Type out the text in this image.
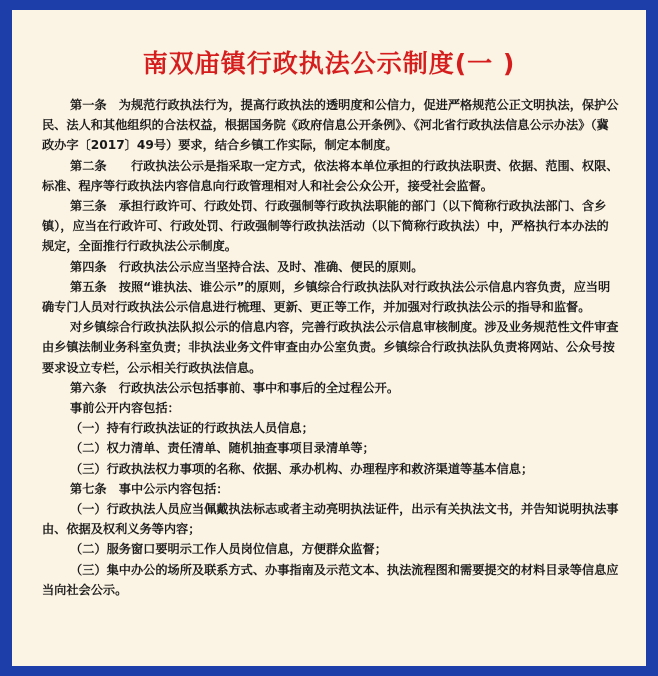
南双庙镇行政执法公示制度(一 )

第一条　为规范行政执法行为，提高行政执法的透明度和公信力，促进严格规范公正文明执法，保护公民、法人和其他组织的合法权益，根据国务院《政府信息公开条例》、《河北省行政执法信息公示办法》（冀政办字〔2017〕49号）要求，结合乡镇工作实际，制定本制度。

第二条　　行政执法公示是指采取一定方式，依法将本单位承担的行政执法职责、依据、范围、权限、标准、程序等行政执法内容信息向行政管理相对人和社会公众公开，接受社会监督。

第三条　承担行政许可、行政处罚、行政强制等行政执法职能的部门（以下简称行政执法部门、含乡镇），应当在行政许可、行政处罚、行政强制等行政执法活动（以下简称行政执法）中，严格执行本办法的规定，全面推行行政执法公示制度。

第四条　行政执法公示应当坚持合法、及时、准确、便民的原则。

第五条　按照“谁执法、谁公示”的原则，乡镇综合行政执法队对行政执法公示信息内容负责，应当明确专门人员对行政执法公示信息进行梳理、更新、更正等工作，并加强对行政执法公示的指导和监督。

对乡镇综合行政执法队拟公示的信息内容，完善行政执法公示信息审核制度。涉及业务规范性文件审查由乡镇法制业务科室负责；非执法业务文件审查由办公室负责。乡镇综合行政执法队负责将网站、公众号按要求设立专栏，公示相关行政执法信息。

第六条　行政执法公示包括事前、事中和事后的全过程公开。

事前公开内容包括：

（一）持有行政执法证的行政执法人员信息；

（二）权力清单、责任清单、随机抽查事项目录清单等；

（三）行政执法权力事项的名称、依据、承办机构、办理程序和救济渠道等基本信息；

第七条　事中公示内容包括：

（一）行政执法人员应当佩戴执法标志或者主动亮明执法证件，出示有关执法文书，并告知说明执法事由、依据及权利义务等内容；

（二）服务窗口要明示工作人员岗位信息，方便群众监督；

（三）集中办公的场所及联系方式、办事指南及示范文本、执法流程图和需要提交的材料目录等信息应当向社会公示。
